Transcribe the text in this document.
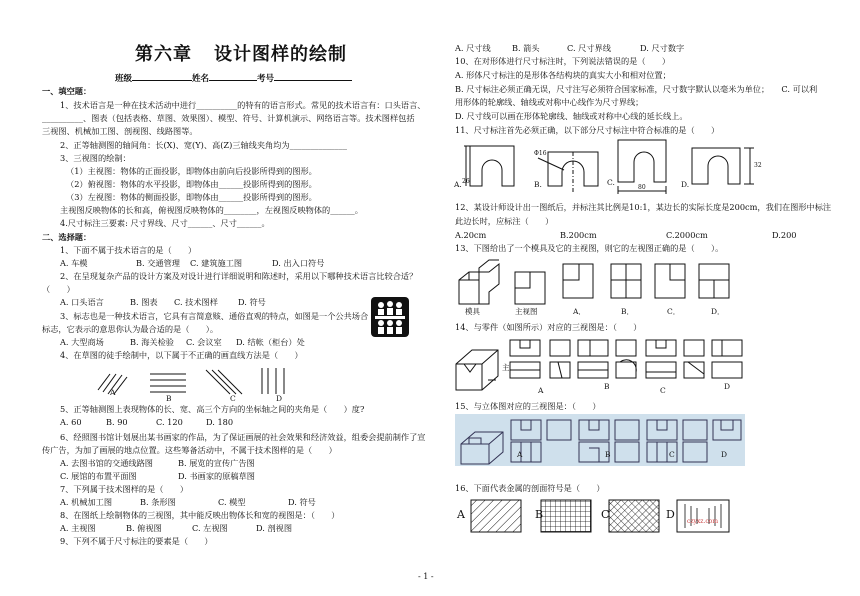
第六章 设计图样的绘制
班级	姓名	考号
一、填空题：
1、技术语言是一种在技术活动中进行__________的特有的语言形式。常见的技术语言有：口头语言、
__________、图表（包括表格、草图、效果图）、模型、符号、计算机演示、网络语言等。技术图样包括
三视图、机械加工图、剖视图、线路图等。
2、正等轴测图的轴间角：长(X)、宽(Y)、高(Z)三轴线夹角均为______________
3、三视图的绘制：
（1）主视图：物体的正面投影，即物体由前向后投影所得到的图形。
（2）俯视图：物体的水平投影，即物体由______投影所得到的图形。
（3）左视图：物体的侧面投影，即物体由______投影所得到的图形。
主视图反映物体的长和高，俯视图反映物体的________，左视图反映物体的______。
4.尺寸标注三要素: 尺寸界线、尺寸______、尺寸______。
二、选择题：
1、下面不属于技术语言的是（　　）
A. 车模	B. 交通管理 C. 建筑施工图	D. 出入口符号
2、在呈现复杂产品的设计方案及对设计进行详细说明和陈述时，采用以下哪种技术语言比较合适？
（　　）
A. 口头语言	B. 图表 C. 技术图样 D. 符号
3、标志也是一种技术语言，它具有言简意赅、通俗直观的特点，如图是一个公共场合
标志，它表示的意思你认为最合适的是（　　）。
A. 大型商场	B. 海关检验 C. 会议室 D. 结帐（柜台）处
4、在草图的徒手绘制中，以下属于不正确的画直线方法是（　　）
A
B	C	D
5、正等轴测图上表现物体的长、宽、高三个方向的坐标轴之间的夹角是（　　）度?
A. 60	B. 90	C. 120	D. 180
6、经照图书馆计划展出某书画家的作品，为了保证画展的社会效果和经济效益，组委会提前制作了宣
传广告，为加了画展的地点位置。这些筹备活动中，不属于技术图样的是（　　）
A. 去图书馆的交通线路图	B. 展览的宣传广告图
C. 展馆的布置平面图	D. 书画家的原稿草图
7、下列属于技术图样的是（　　）
A. 机械加工图	B. 条形图	C. 模型	D. 符号
8、在图纸上绘制物体的三视图，其中能反映出物体长和宽的视图是：（　　）
A. 主视图	B. 俯视图	C. 左视图	D. 剖视图
9、下列不属于尺寸标注的要素是（　　）
A. 尺寸线	B. 箭头	C. 尺寸界线	D. 尺寸数字
10、在对形体进行尺寸标注时，下列说法错误的是（　　）
A. 形体尺寸标注的是形体各结构块的真实大小和相对位置；
B. 尺寸标注必须正确无误，尺寸注写必须符合国家标准，尺寸数字默认以毫米为单位；　　C. 可以利
用形体的轮廓线、轴线或对称中心线作为尺寸界线；
D. 尺寸线可以画在形体轮廓线、轴线或对称中心线的延长线上。
11、尺寸标注首先必须正确，以下部分尺寸标注中符合标准的是（　　）
A. 26	B.
Φ16
C.
80	D.
32
12、某设计师设计出一图纸后，并标注其比例是10:1，某边长的实际长度是200cm，我们在图形中标注
此边长时，应标注（　　）
A.20cm	B.200cm	C.2000cm	D.200
13、下图给出了一个模具及它的主视图，则它的左视图正确的是（　　）。
模具	主视图	A．	B．	C．	D．
14、与零件（如图所示）对应的三视图是：（　　）
主
A	B	C	D
15、与立体图对应的三视图是：（　　）
A	B	C	D
16、下面代表金属的剖面符号是（　　）
A	B	C	D
czyxz.com
- 1 -
